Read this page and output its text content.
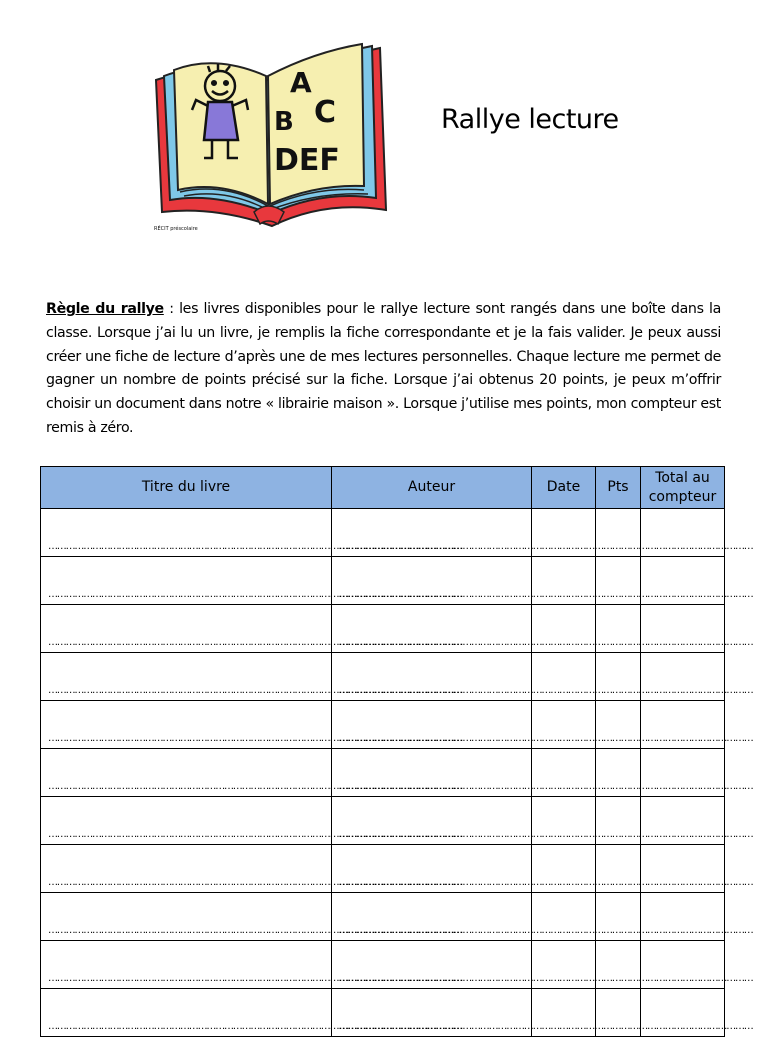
A
B C
DEF
RÉCIT préscolaire
Rallye lecture
Règle du rallye : les livres disponibles pour le rallye lecture sont rangés dans une boîte dans la classe. Lorsque j’ai lu un livre, je remplis la fiche correspondante et je la fais valider. Je peux aussi créer une fiche de lecture d’après une de mes lectures personnelles. Chaque lecture me permet de gagner un nombre de points précisé sur la fiche. Lorsque j’ai obtenus 20 points, je peux m’offrir choisir un document dans notre « librairie maison ». Lorsque j’utilise mes points, mon compteur est remis à zéro.
Titre du livre	Auteur	Date	Pts	Total au compteur

……………………………………………………………………………………………………………………………	……………………………………………………………………………………………………………………………			

……………………………………………………………………………………………………………………………	……………………………………………………………………………………………………………………………			

……………………………………………………………………………………………………………………………	……………………………………………………………………………………………………………………………			

……………………………………………………………………………………………………………………………	……………………………………………………………………………………………………………………………			

……………………………………………………………………………………………………………………………	……………………………………………………………………………………………………………………………			

……………………………………………………………………………………………………………………………	……………………………………………………………………………………………………………………………			

……………………………………………………………………………………………………………………………	……………………………………………………………………………………………………………………………			

……………………………………………………………………………………………………………………………	……………………………………………………………………………………………………………………………			

……………………………………………………………………………………………………………………………	……………………………………………………………………………………………………………………………			

……………………………………………………………………………………………………………………………	……………………………………………………………………………………………………………………………			

……………………………………………………………………………………………………………………………	……………………………………………………………………………………………………………………………			
